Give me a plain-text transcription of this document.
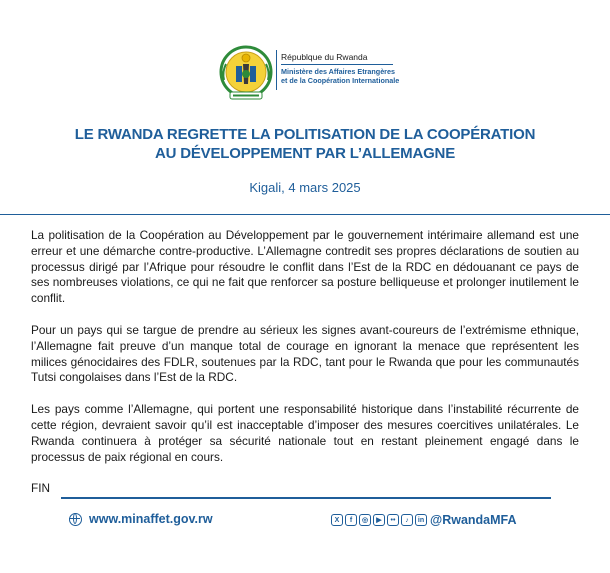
Républque du Rwanda
Ministère des Affaires Etrangères
et de la Coopération Internationale
LE RWANDA REGRETTE LA POLITISATION DE LA COOPÉRATION
AU DÉVELOPPEMENT PAR L’ALLEMAGNE
Kigali, 4 mars 2025

La politisation de la Coopération au Développement par le gouvernement intérimaire allemand est une erreur et une démarche contre-productive. L’Allemagne contredit ses propres déclarations de soutien au processus dirigé par l’Afrique pour résoudre le conflit dans l’Est de la RDC en dédouanant ce pays de ses nombreuses violations, ce qui ne fait que renforcer sa posture belliqueuse et prolonger inutilement le conflit.

Pour un pays qui se targue de prendre au sérieux les signes avant-coureurs de l’extrémisme ethnique, l’Allemagne fait preuve d’un manque total de courage en ignorant la menace que représentent les milices génocidaires des FDLR, soutenues par la RDC, tant pour le Rwanda que pour les communautés Tutsi congolaises dans l’Est de la RDC.

Les pays comme l’Allemagne, qui portent une responsabilité historique dans l’instabilité récurrente de cette région, devraient savoir qu’il est inacceptable d’imposer des mesures coercitives unilatérales. Le Rwanda continuera à protéger sa sécurité nationale tout en restant pleinement engagé dans le processus de paix régional en cours.

FIN

www.minaffet.gov.rw	X	f	◎	▶	••	♪	in @RwandaMFA
